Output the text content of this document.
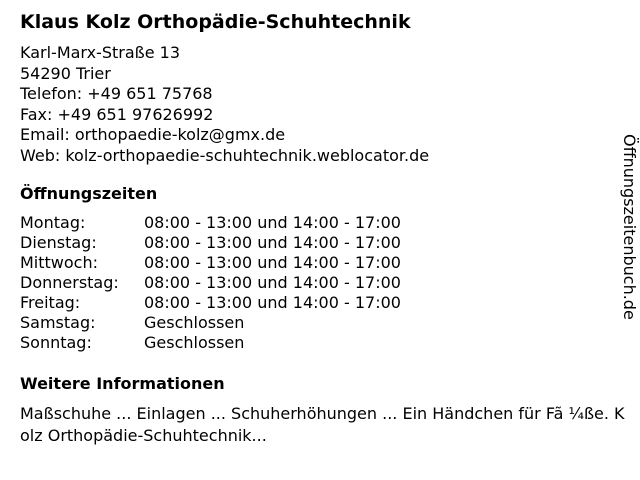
Klaus Kolz Orthopädie-Schuhtechnik
Karl-Marx-Straße 13
54290 Trier
Telefon: +49 651 75768
Fax: +49 651 97626992
Email: orthopaedie-kolz@gmx.de
Web: kolz-orthopaedie-schuhtechnik.weblocator.de
Öffnungszeiten
Montag:	08:00 - 13:00 und 14:00 - 17:00
Dienstag:	08:00 - 13:00 und 14:00 - 17:00
Mittwoch:	08:00 - 13:00 und 14:00 - 17:00
Donnerstag: 08:00 - 13:00 und 14:00 - 17:00
Freitag:	08:00 - 13:00 und 14:00 - 17:00
Samstag:	Geschlossen
Sonntag:	Geschlossen
Weitere Informationen
Maßschuhe ... Einlagen ... Schuherhöhungen ... Ein Händchen für Fã ¼ße. Kolz Orthopädie-Schuhtechnik...
Öffnungszeitenbuch.de
